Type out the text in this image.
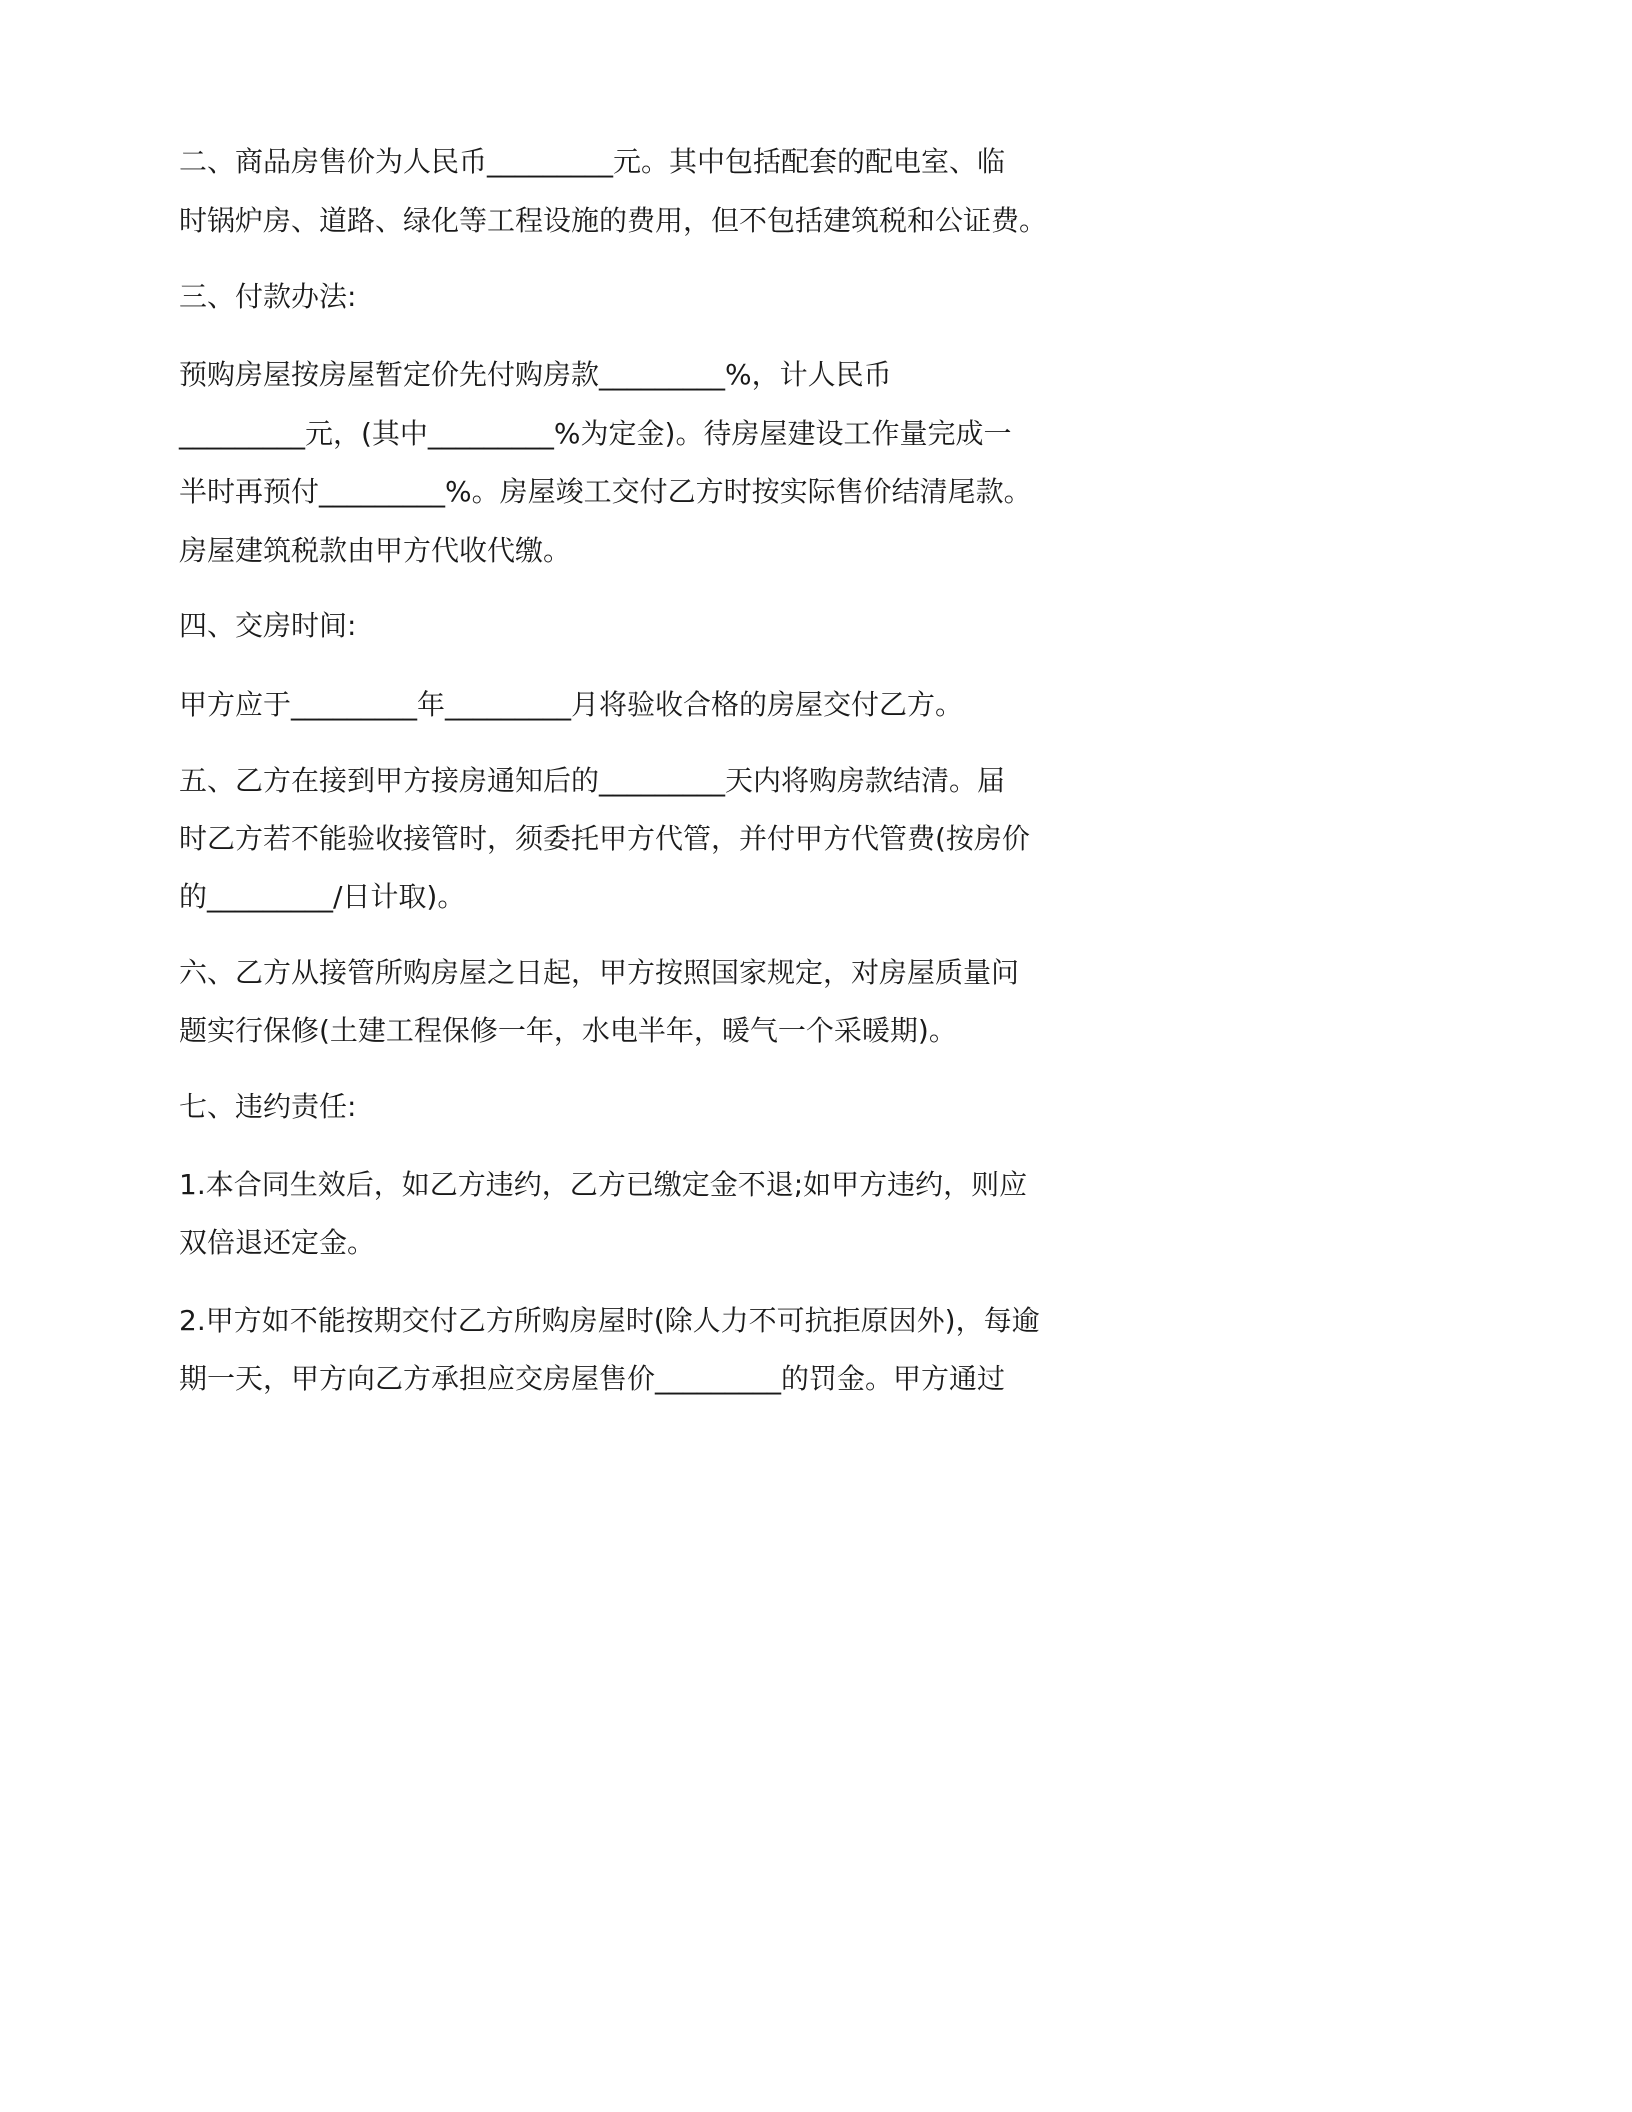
二、商品房售价为人民币_________元。其中包括配套的配电室、临

时锅炉房、道路、绿化等工程设施的费用，但不包括建筑税和公证费。

三、付款办法:

预购房屋按房屋暂定价先付购房款_________%，计人民币

_________元，(其中_________%为定金)。待房屋建设工作量完成一

半时再预付_________%。房屋竣工交付乙方时按实际售价结清尾款。

房屋建筑税款由甲方代收代缴。

四、交房时间:

甲方应于_________年_________月将验收合格的房屋交付乙方。

五、乙方在接到甲方接房通知后的_________天内将购房款结清。届

时乙方若不能验收接管时，须委托甲方代管，并付甲方代管费(按房价

的_________/日计取)。

六、乙方从接管所购房屋之日起，甲方按照国家规定，对房屋质量问

题实行保修(土建工程保修一年，水电半年，暖气一个采暖期)。

七、违约责任:

1.本合同生效后，如乙方违约，乙方已缴定金不退;如甲方违约，则应

双倍退还定金。

2.甲方如不能按期交付乙方所购房屋时(除人力不可抗拒原因外)，每逾

期一天，甲方向乙方承担应交房屋售价_________的罚金。甲方通过
